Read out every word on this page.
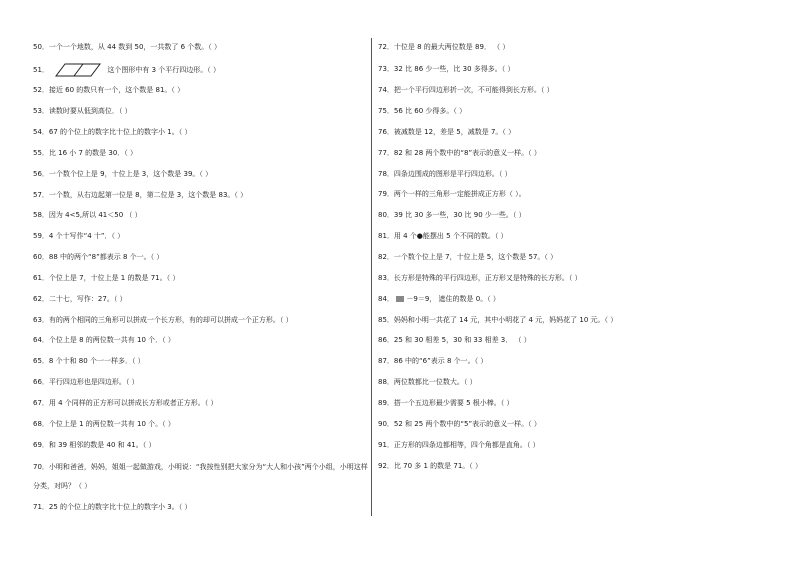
50．一个一个地数，从 44 数到 50，一共数了 6 个数。（ ）
51．	这个图形中有 3 个平行四边形。（ ）
52．接近 60 的数只有一个，这个数是 81。（ ）
53．读数时要从低到高位．（ ）
54．67 的个位上的数字比十位上的数字小 1。（ ）
55．比 16 小 7 的数是 30．（ ）
56．一个数个位上是 9，十位上是 3，这个数是 39。（ ）
57．一个数，从右边起第一位是 8，第二位是 3，这个数是 83。（ ）
58．因为 4<5,所以 41＜50 （ ）
59．4 个十写作“4 十”．（ ）
60．88 中的两个“8”都表示 8 个一。（ ）
61．个位上是 7，十位上是 1 的数是 71。（ ）
62．二十七，写作：27。（ ）
63．有的两个相同的三角形可以拼成一个长方形，有的却可以拼成一个正方形。（ ）
64．个位上是 8 的两位数一共有 10 个．（ ）
65．8 个十和 80 个一一样多．（ ）
66．平行四边形也是四边形。（ ）
67．用 4 个同样的正方形可以拼成长方形或者正方形。（ ）
68．个位上是 1 的两位数一共有 10 个。（ ）
69．和 39 相邻的数是 40 和 41。（ ）
70．小明和爸爸，妈妈，姐姐一起做游戏，小明说：“我按性别把大家分为“大人和小孩”两个小组，小明这样
分类，对吗？（ ）
71．25 的个位上的数字比十位上的数字小 3。（ ）
72．十位是 8 的最大两位数是 89． （ ）
73．32 比 86 少一些，比 30 多得多。（ ）
74．把一个平行四边形折一次，不可能得到长方形。（ ）
75．56 比 60 少得多。（ ）
76．被减数是 12，差是 5，减数是 7。（ ）
77．82 和 28 两个数中的“8”表示的意义一样。（ ）
78．四条边围成的图形是平行四边形。（ ）
79．两个一样的三角形一定能拼成正方形（ ）。
80．39 比 30 多一些，30 比 90 少一些。（ ）
81．用 4 个●能摆出 5 个不同的数。（ ）
82．一个数个位上是 7，十位上是 5，这个数是 57。（ ）
83．长方形是特殊的平行四边形，正方形又是特殊的长方形。（ ）
84． －9＝9， 遮住的数是 0。（ ）
85．妈妈和小明一共花了 14 元，其中小明花了 4 元，妈妈花了 10 元。（ ）
86．25 和 30 相差 5，30 和 33 相差 3． （ ）
87．86 中的“6”表示 8 个一。（ ）
88．两位数都比一位数大。（ ）
89．搭一个五边形最少需要 5 根小棒。（ ）
90．52 和 25 两个数中的“5”表示的意义一样。（ ）
91．正方形的四条边都相等，四个角都是直角。（ ）
92．比 70 多 1 的数是 71。（ ）
